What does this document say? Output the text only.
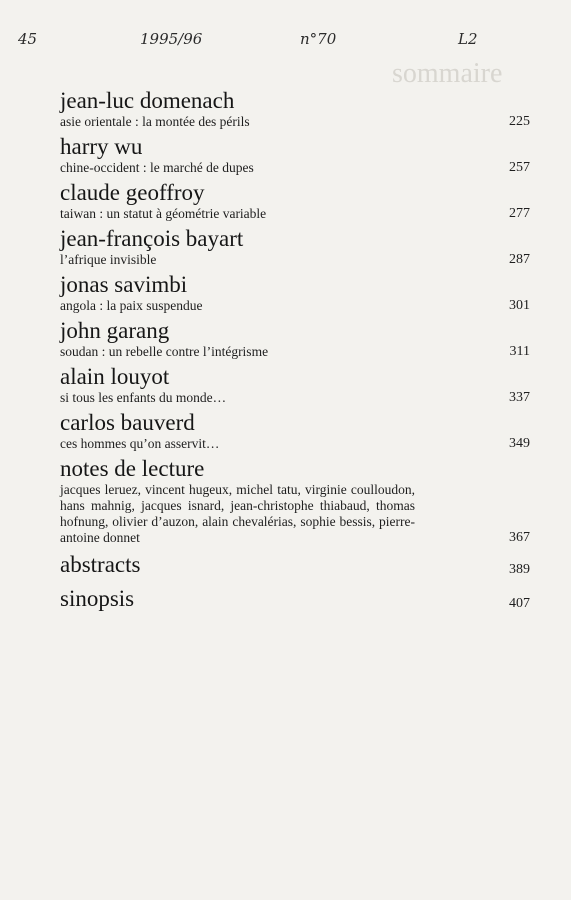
45	1995/96	n°70	L2
sommaire
jean-luc domenach
asie orientale : la montée des périls	225
harry wu
chine-occident : le marché de dupes	257
claude geoffroy
taiwan : un statut à géométrie variable	277
jean-françois bayart
l’afrique invisible	287
jonas savimbi
angola : la paix suspendue	301
john garang
soudan : un rebelle contre l’intégrisme	311
alain louyot
si tous les enfants du monde…	337
carlos bauverd
ces hommes qu’on asservit…	349
notes de lecture
jacques leruez, vincent hugeux, michel tatu, virginie coulloudon, hans mahnig, jacques isnard, jean-christophe thiabaud, thomas hofnung, olivier d’auzon, alain chevalérias, sophie bessis, pierre-antoine donnet	367
abstracts	389
sinopsis	407
